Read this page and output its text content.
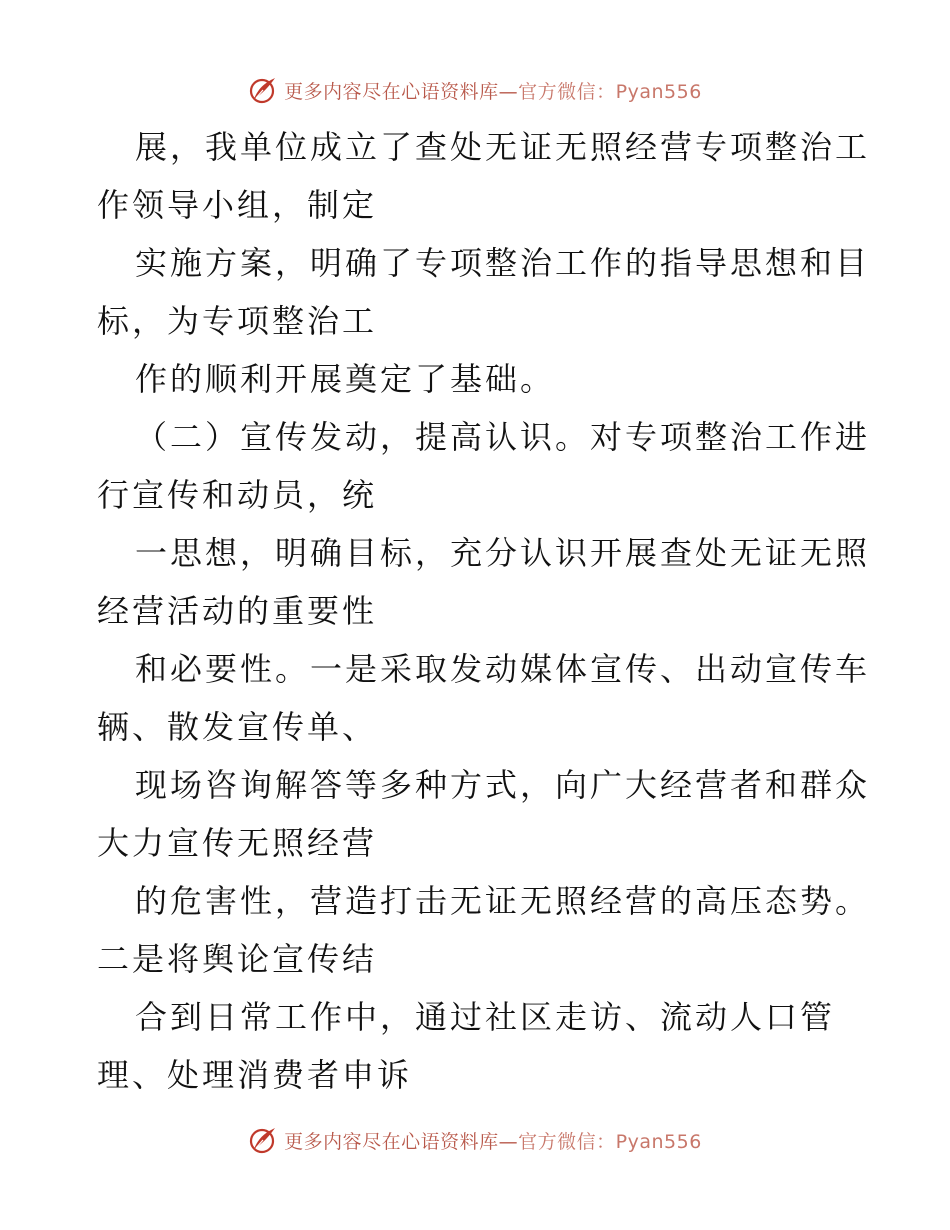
更多内容尽在心语资料库—官方微信：Pyan556
展，我单位成立了查处无证无照经营专项整治工
作领导小组，制定
实施方案，明确了专项整治工作的指导思想和目
标，为专项整治工
作的顺利开展奠定了基础。
（二）宣传发动，提高认识。对专项整治工作进
行宣传和动员，统
一思想，明确目标，充分认识开展查处无证无照
经营活动的重要性
和必要性。一是采取发动媒体宣传、出动宣传车
辆、散发宣传单、
现场咨询解答等多种方式，向广大经营者和群众
大力宣传无照经营
的危害性，营造打击无证无照经营的高压态势。
二是将舆论宣传结
合到日常工作中，通过社区走访、流动人口管
理、处理消费者申诉
更多内容尽在心语资料库—官方微信：Pyan556
